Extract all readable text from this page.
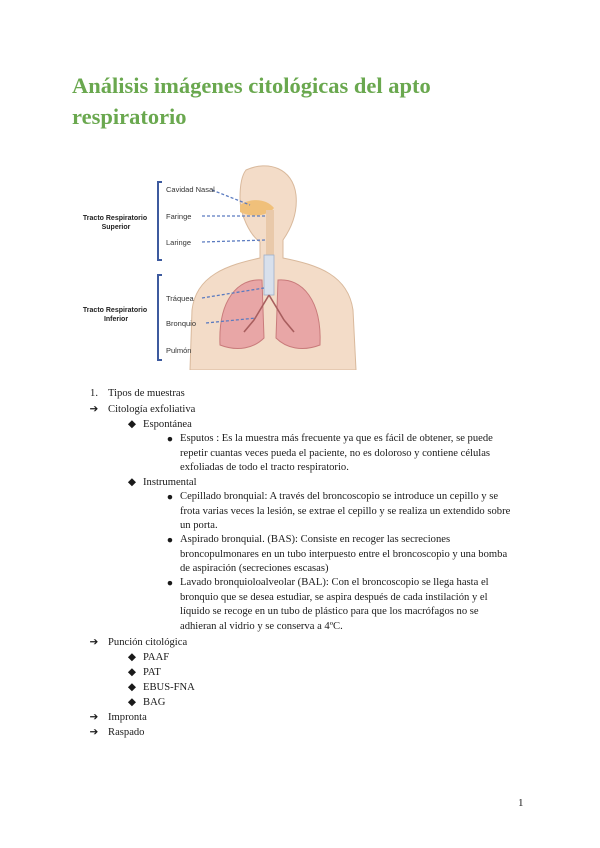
Análisis imágenes citológicas del apto respiratorio
Tracto Respiratorio Superior
Tracto Respiratorio Inferior
Cavidad Nasal
Faringe
Laringe
Tráquea
Bronquio
Pulmón
1. Tipos de muestras
➔ Citología exfoliativa
◆ Espontánea
● Esputos : Es la muestra más frecuente ya que es fácil de obtener, se puede repetir cuantas veces pueda el paciente, no es doloroso y contiene células exfoliadas de todo el tracto respiratorio.
◆ Instrumental
● Cepillado bronquial: A través del broncoscopio se introduce un cepillo y se frota varias veces la lesión, se extrae el cepillo y se realiza un extendido sobre un porta.
● Aspirado bronquial. (BAS): Consiste en recoger las secreciones broncopulmonares en un tubo interpuesto entre el broncoscopio y una bomba de aspiración (secreciones escasas)
● Lavado bronquioloalveolar (BAL): Con el broncoscopio se llega hasta el bronquio que se desea estudiar, se aspira después de cada instilación y el líquido se recoge en un tubo de plástico para que los macrófagos no se adhieran al vidrio y se conserva a 4ºC.
➔ Punción citológica
◆ PAAF
◆ PAT
◆ EBUS-FNA
◆ BAG
➔ Impronta
➔ Raspado
1
